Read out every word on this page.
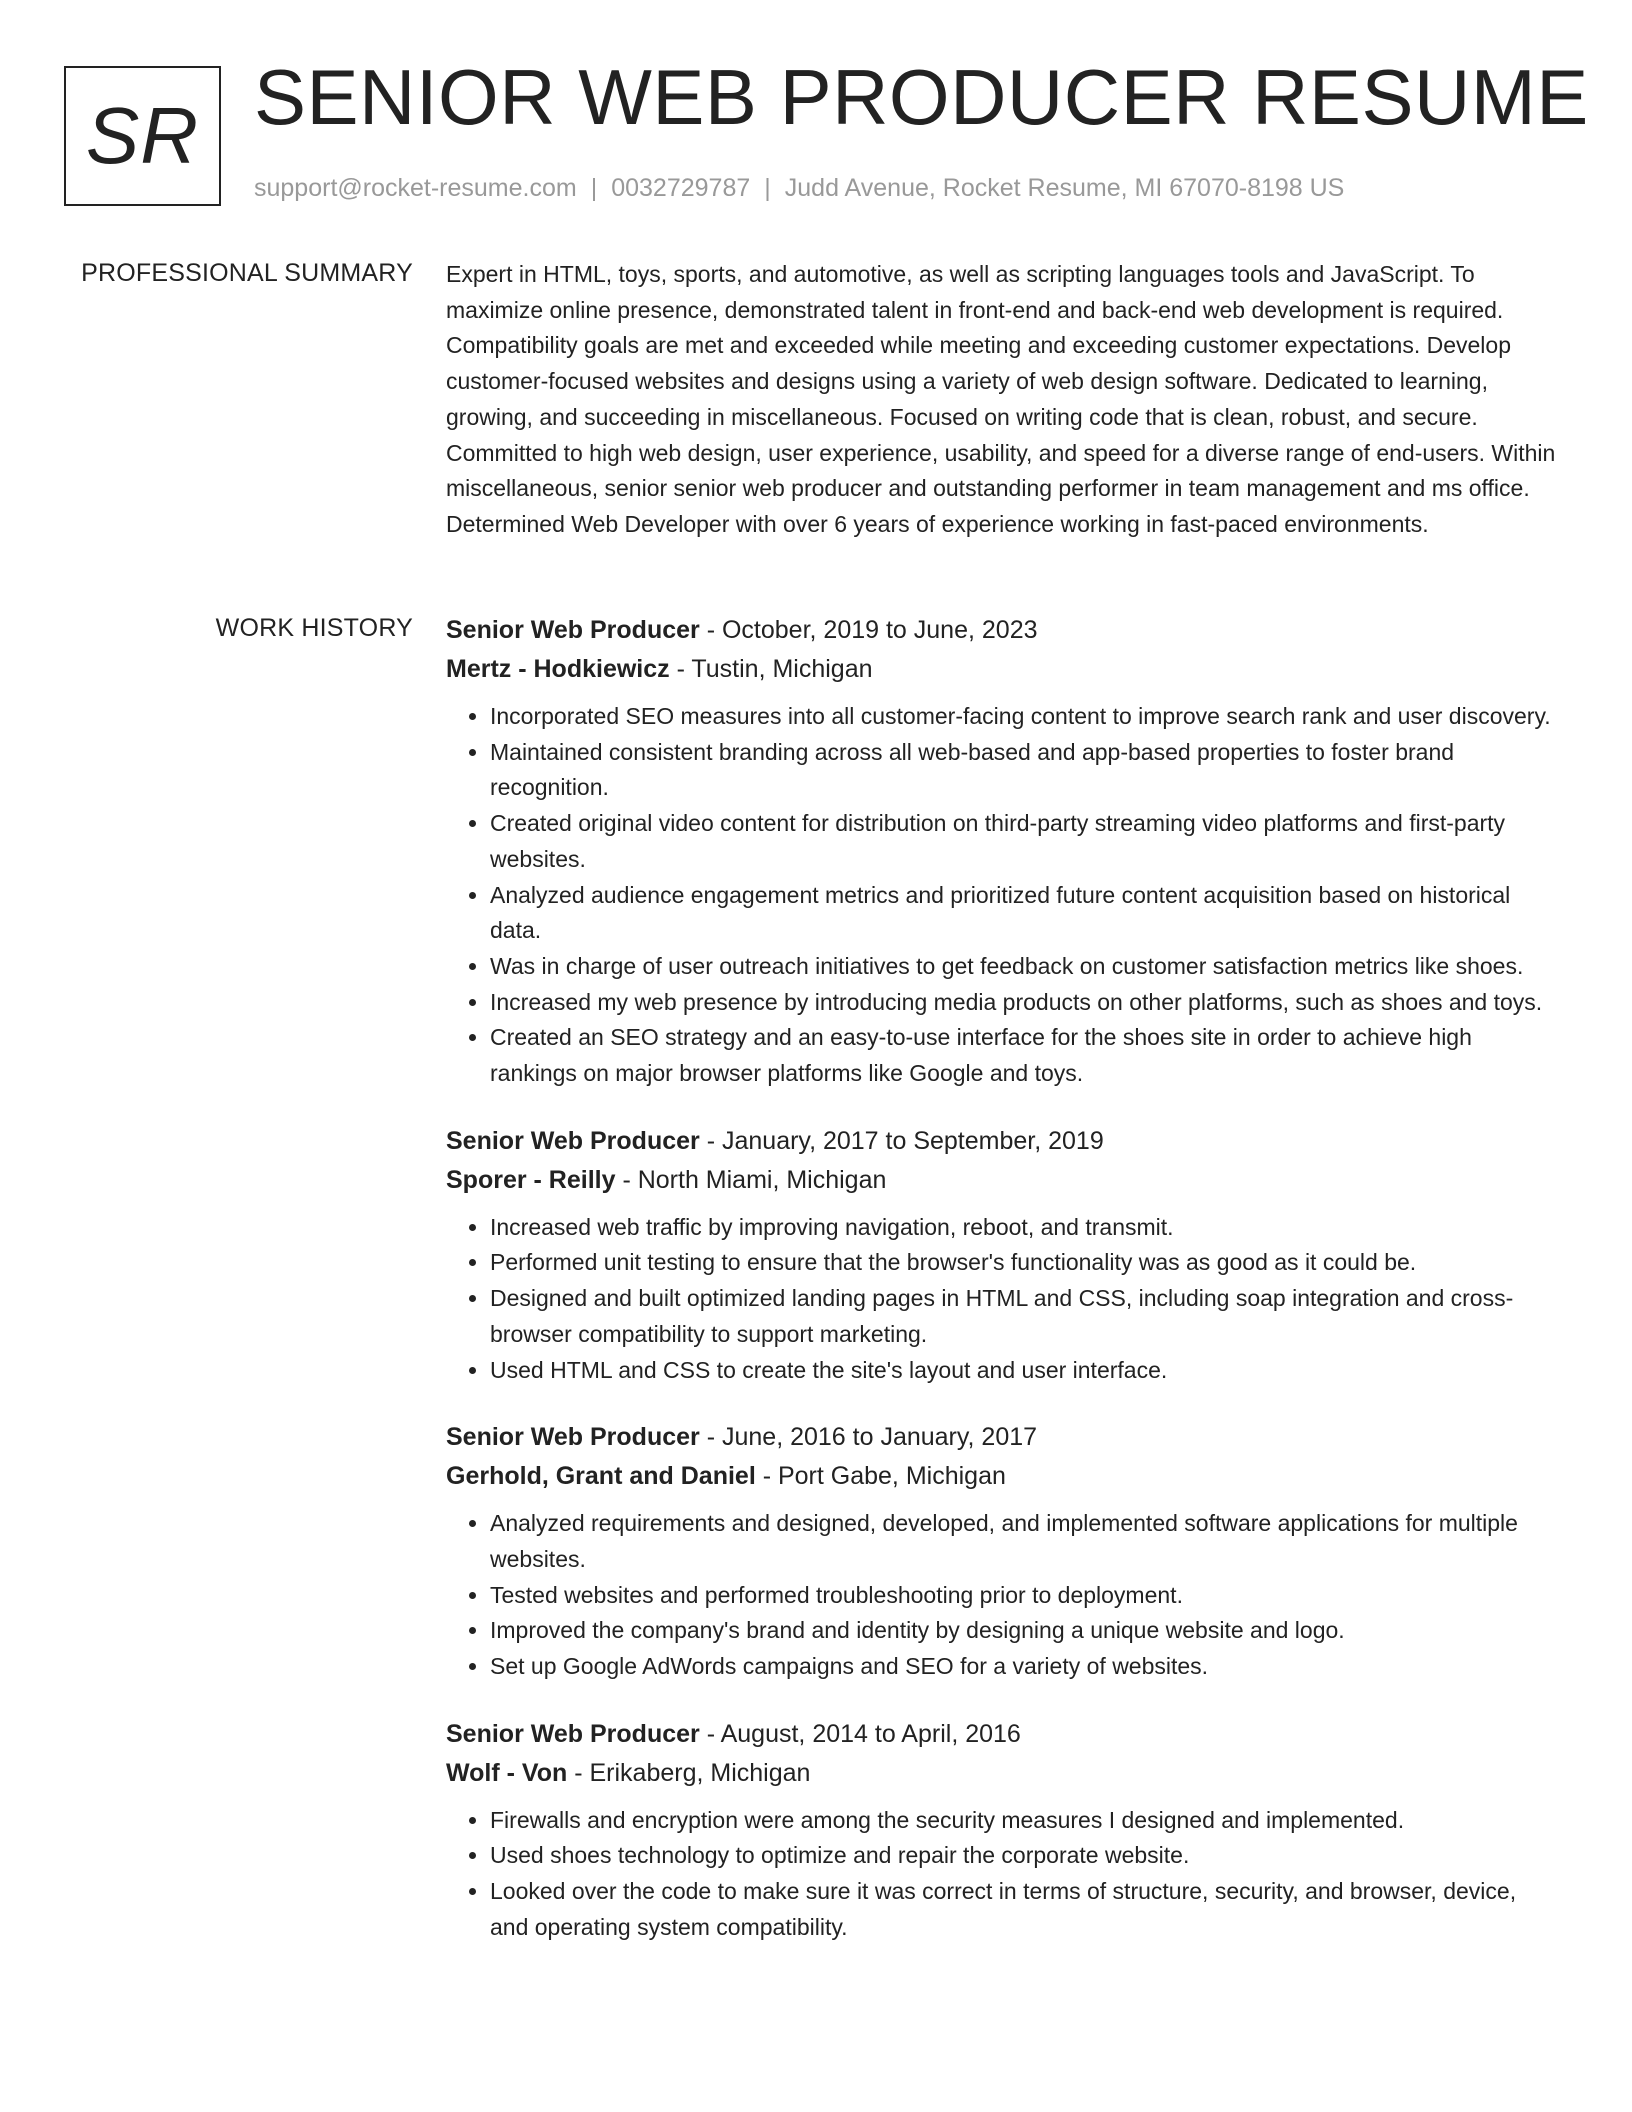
SR SENIOR WEB PRODUCER RESUME
support@rocket-resume.com | 0032729787 | Judd Avenue, Rocket Resume, MI 67070-8198 US
PROFESSIONAL SUMMARY Expert in HTML, toys, sports, and automotive, as well as scripting languages tools and JavaScript. To maximize online presence, demonstrated talent in front-end and back-end web development is required. Compatibility goals are met and exceeded while meeting and exceeding customer expectations. Develop customer-focused websites and designs using a variety of web design software. Dedicated to learning, growing, and succeeding in miscellaneous. Focused on writing code that is clean, robust, and secure. Committed to high web design, user experience, usability, and speed for a diverse range of end-users. Within miscellaneous, senior senior web producer and outstanding performer in team management and ms office. Determined Web Developer with over 6 years of experience working in fast-paced environments.

WORK HISTORY Senior Web Producer - October, 2019 to June, 2023
Mertz - Hodkiewicz - Tustin, Michigan
• Incorporated SEO measures into all customer-facing content to improve search rank and user discovery.
• Maintained consistent branding across all web-based and app-based properties to foster brand recognition.
• Created original video content for distribution on third-party streaming video platforms and first-party websites.
• Analyzed audience engagement metrics and prioritized future content acquisition based on historical data.
• Was in charge of user outreach initiatives to get feedback on customer satisfaction metrics like shoes.
• Increased my web presence by introducing media products on other platforms, such as shoes and toys.
• Created an SEO strategy and an easy-to-use interface for the shoes site in order to achieve high rankings on major browser platforms like Google and toys.
Senior Web Producer - January, 2017 to September, 2019
Sporer - Reilly - North Miami, Michigan
• Increased web traffic by improving navigation, reboot, and transmit.
• Performed unit testing to ensure that the browser's functionality was as good as it could be.
• Designed and built optimized landing pages in HTML and CSS, including soap integration and cross-browser compatibility to support marketing.
• Used HTML and CSS to create the site's layout and user interface.
Senior Web Producer - June, 2016 to January, 2017
Gerhold, Grant and Daniel - Port Gabe, Michigan
• Analyzed requirements and designed, developed, and implemented software applications for multiple websites.
• Tested websites and performed troubleshooting prior to deployment.
• Improved the company's brand and identity by designing a unique website and logo.
• Set up Google AdWords campaigns and SEO for a variety of websites.
Senior Web Producer - August, 2014 to April, 2016
Wolf - Von - Erikaberg, Michigan
• Firewalls and encryption were among the security measures I designed and implemented.
• Used shoes technology to optimize and repair the corporate website.
• Looked over the code to make sure it was correct in terms of structure, security, and browser, device, and operating system compatibility.
